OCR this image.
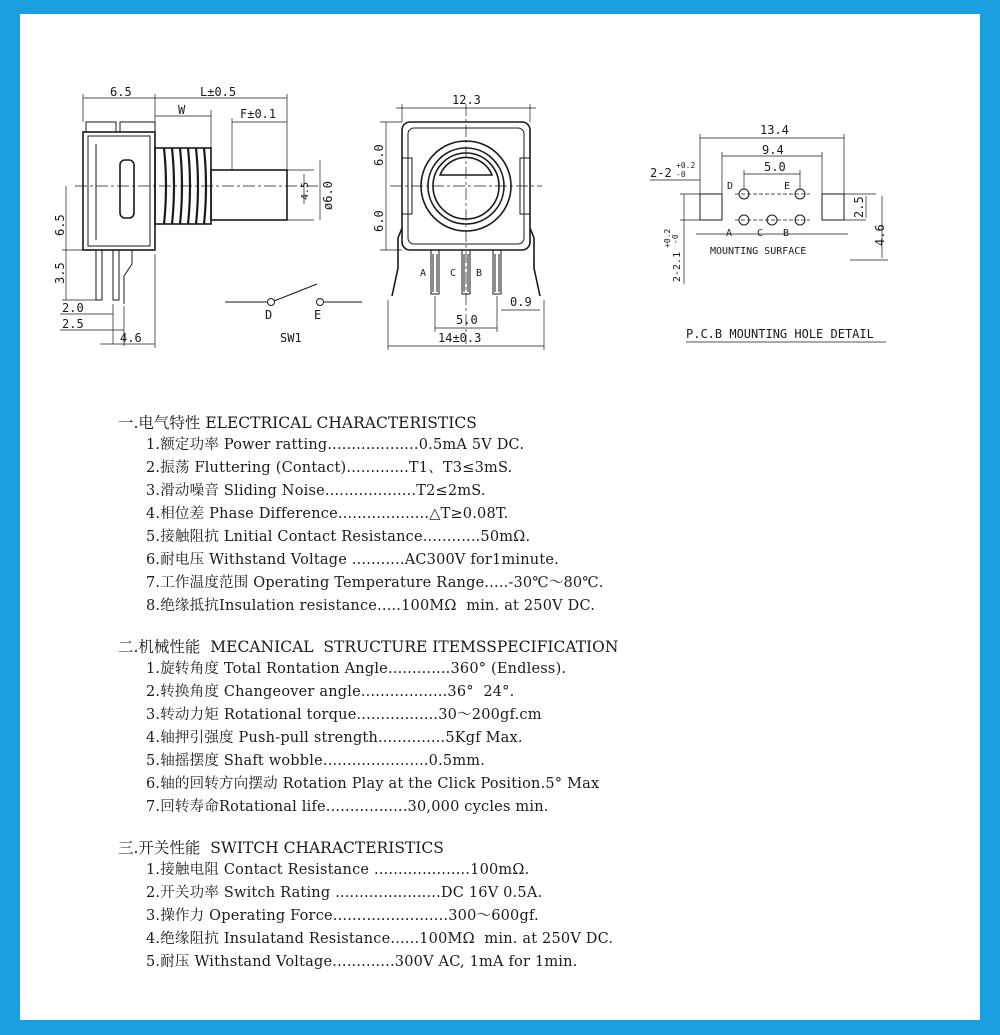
6.5	L±0.5
W	F±0.1
4.5 ø6.0
6.5
3.5
2.0
2.5
4.6
D	E
SW1
A C B
12.3
6.0
6.0
5.0
0.9
14±0.3
D	E
A C B
MOUNTING SURFACE
13.4
9.4
5.0
2-2
+0.2
-0
2-2.1
+0.2 -0
2.5
4.6
P.C.B MOUNTING HOLE DETAIL
一.电气特性 ELECTRICAL CHARACTERISTICS
1.额定功率 Power ratting...................0.5mA 5V DC.
2.振荡 Fluttering (Contact).............T1、T3≤3mS.
3.滑动噪音 Sliding Noise...................T2≤2mS.
4.相位差 Phase Difference...................△T≥0.08T.
5.接触阻抗 Lnitial Contact Resistance............50mΩ.
6.耐电压 Withstand Voltage ...........AC300V for1minute.
7.工作温度范围 Operating Temperature Range.....-30℃～80℃.
8.绝缘抵抗Insulation resistance.....100MΩ  min. at 250V DC.
二.机械性能  MECANICAL  STRUCTURE ITEMSSPECIFICATION
1.旋转角度 Total Rontation Angle.............360° (Endless).
2.转换角度 Changeover angle..................36°  24°.
3.转动力矩 Rotational torque.................30～200gf.cm
4.轴押引强度 Push-pull strength..............5Kgf Max.
5.轴摇摆度 Shaft wobble......................0.5mm.
6.轴的回转方向摆动 Rotation Play at the Click Position.5° Max
7.回转寿命Rotational life.................30,000 cycles min.
三.开关性能  SWITCH CHARACTERISTICS
1.接触电阻 Contact Resistance ....................100mΩ.
2.开关功率 Switch Rating ......................DC 16V 0.5A.
3.操作力 Operating Force........................300～600gf.
4.绝缘阻抗 Insulatand Resistance......100MΩ  min. at 250V DC.
5.耐压 Withstand Voltage.............300V AC, 1mA for 1min.
